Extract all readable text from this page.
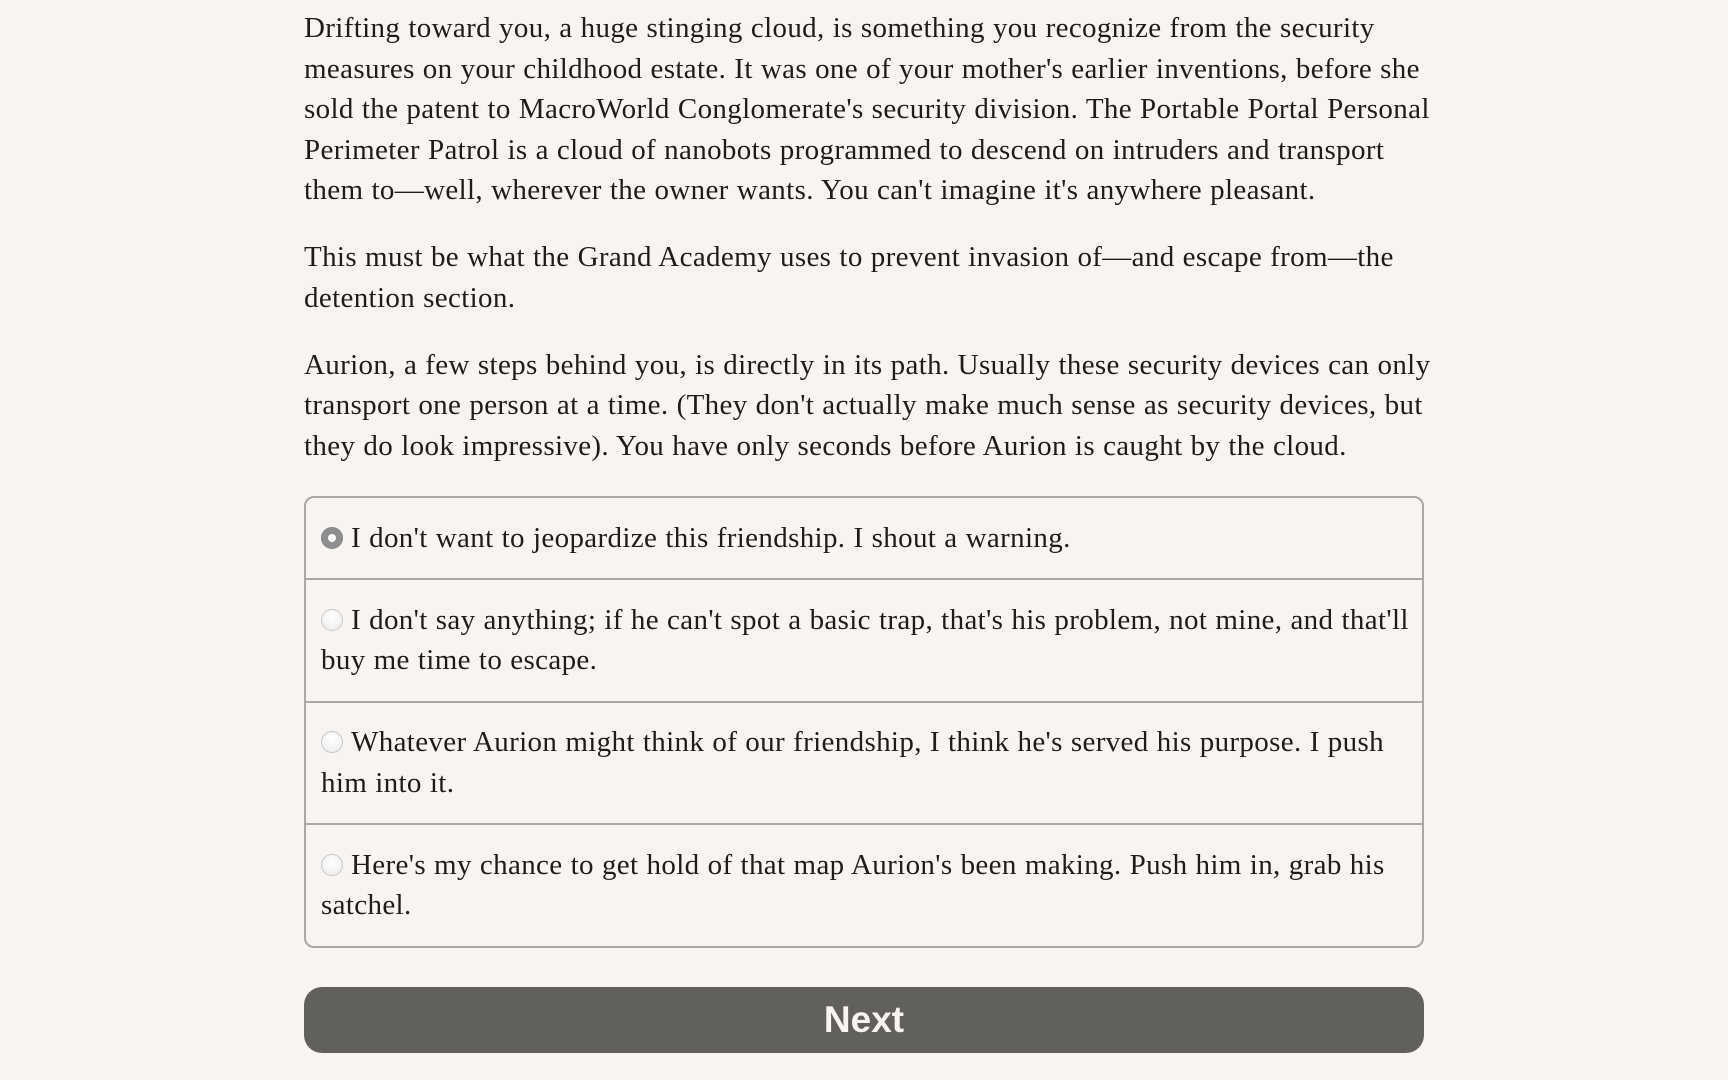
Drifting toward you, a huge stinging cloud, is something you recognize from the security
measures on your childhood estate. It was one of your mother's earlier inventions, before she
sold the patent to MacroWorld Conglomerate's security division. The Portable Portal Personal
Perimeter Patrol is a cloud of nanobots programmed to descend on intruders and transport
them to—well, wherever the owner wants. You can't imagine it's anywhere pleasant.

This must be what the Grand Academy uses to prevent invasion of—and escape from—the
detention section.

Aurion, a few steps behind you, is directly in its path. Usually these security devices can only
transport one person at a time. (They don't actually make much sense as security devices, but
they do look impressive). You have only seconds before Aurion is caught by the cloud.

I don't want to jeopardize this friendship. I shout a warning.
I don't say anything; if he can't spot a basic trap, that's his problem, not mine, and that'll
buy me time to escape.
Whatever Aurion might think of our friendship, I think he's served his purpose. I push
him into it.
Here's my chance to get hold of that map Aurion's been making. Push him in, grab his
satchel.
Next
